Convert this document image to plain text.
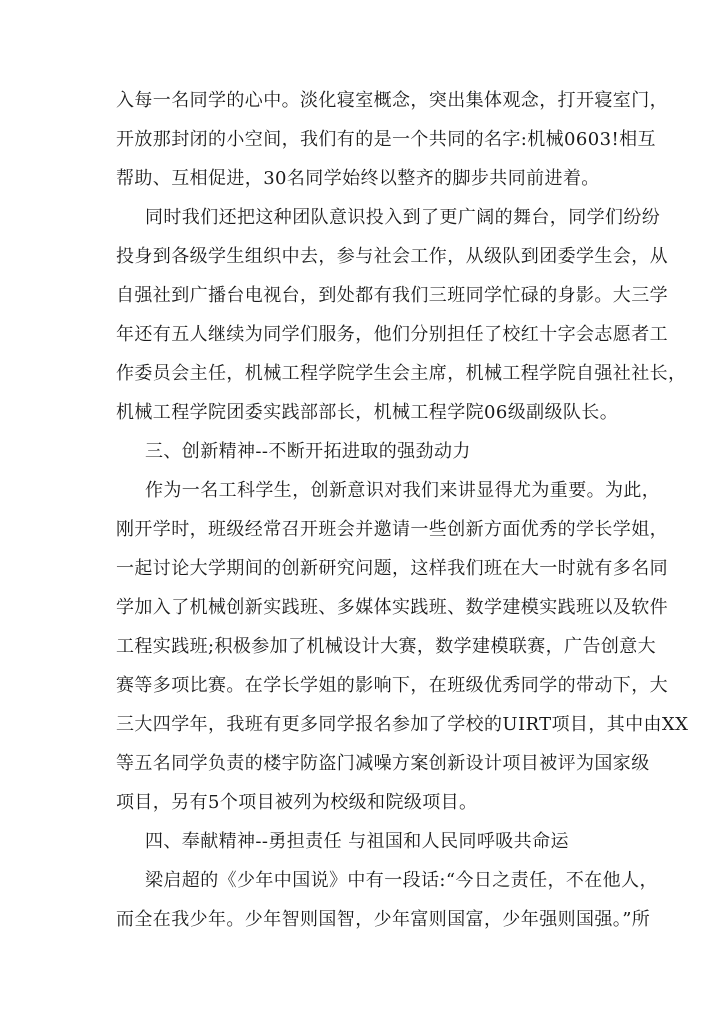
入每一名同学的心中。淡化寝室概念，突出集体观念，打开寝室门，
开放那封闭的小空间，我们有的是一个共同的名字:机械0603!相互
帮助、互相促进，30名同学始终以整齐的脚步共同前进着。
同时我们还把这种团队意识投入到了更广阔的舞台，同学们纷纷
投身到各级学生组织中去，参与社会工作，从级队到团委学生会，从
自强社到广播台电视台，到处都有我们三班同学忙碌的身影。大三学
年还有五人继续为同学们服务，他们分别担任了校红十字会志愿者工
作委员会主任，机械工程学院学生会主席，机械工程学院自强社社长，
机械工程学院团委实践部部长，机械工程学院06级副级队长。
三、创新精神--不断开拓进取的强劲动力
作为一名工科学生，创新意识对我们来讲显得尤为重要。为此，
刚开学时，班级经常召开班会并邀请一些创新方面优秀的学长学姐，
一起讨论大学期间的创新研究问题，这样我们班在大一时就有多名同
学加入了机械创新实践班、多媒体实践班、数学建模实践班以及软件
工程实践班;积极参加了机械设计大赛，数学建模联赛，广告创意大
赛等多项比赛。在学长学姐的影响下，在班级优秀同学的带动下，大
三大四学年，我班有更多同学报名参加了学校的UIRT项目，其中由XX
等五名同学负责的楼宇防盗门减噪方案创新设计项目被评为国家级
项目，另有5个项目被列为校级和院级项目。
四、奉献精神--勇担责任 与祖国和人民同呼吸共命运
梁启超的《少年中国说》中有一段话:“今日之责任，不在他人，
而全在我少年。少年智则国智，少年富则国富，少年强则国强。”所
